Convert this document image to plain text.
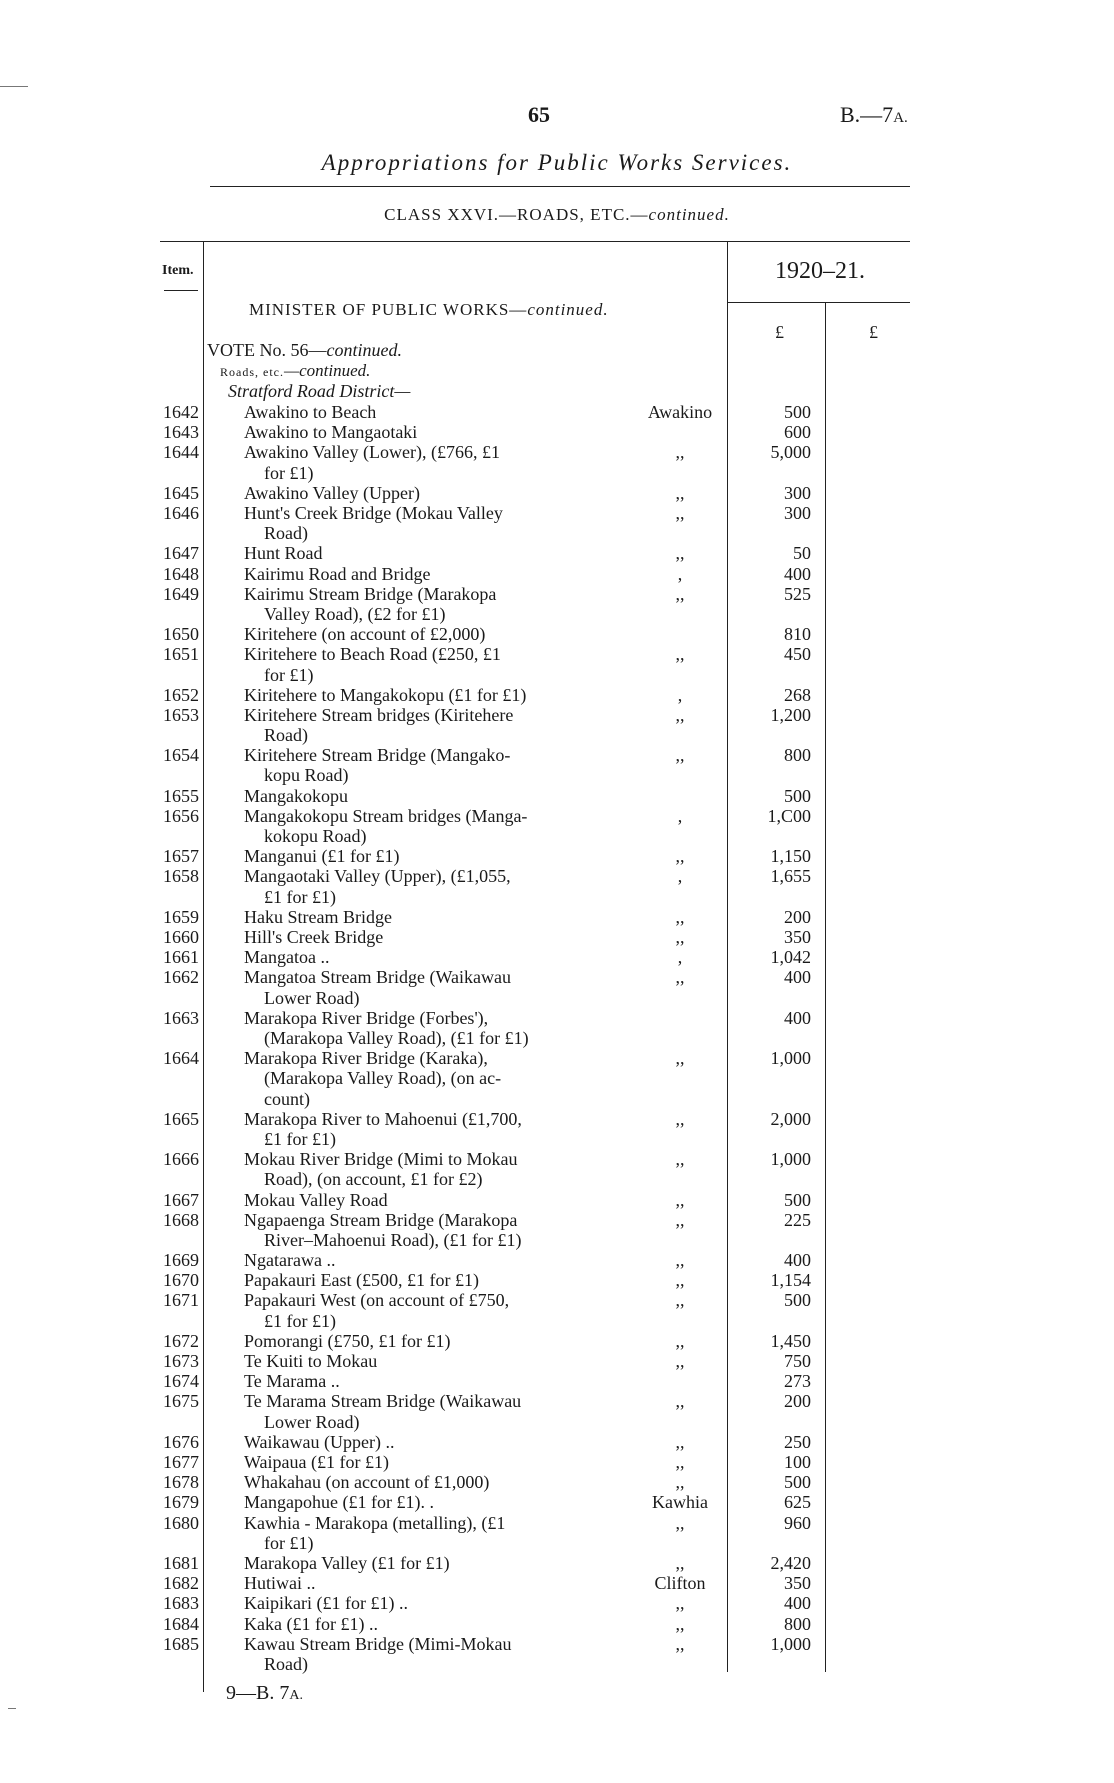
65	B.—7A.
Appropriations for Public Works Services.
CLASS XXVI.—ROADS, ETC.—continued.
Item.	1920–21.
£	£
MINISTER OF PUBLIC WORKS—continued.
VOTE No. 56—continued.
Roads, etc.—continued.
Stratford Road District—
1642	Awakino to Beach	Awakino	500
1643	Awakino to Mangaotaki	600
1644	Awakino Valley (Lower), (£766, £1
for £1)
,,	5,000
1645	Awakino Valley (Upper)	,,	300
1646	Hunt's Creek Bridge (Mokau Valley
Road)
,,	300
1647	Hunt Road	,,	50
1648	Kairimu Road and Bridge	,	400
1649	Kairimu Stream Bridge (Marakopa
Valley Road), (£2 for £1)
,,	525
1650	Kiritehere (on account of £2,000)	810
1651	Kiritehere to Beach Road (£250, £1
for £1)
,,	450
1652	Kiritehere to Mangakokopu (£1 for £1)	,	268
1653	Kiritehere Stream bridges (Kiritehere
Road)
,,	1,200
1654	Kiritehere Stream Bridge (Mangako-
kopu Road)
,,	800
1655	Mangakokopu	500
1656	Mangakokopu Stream bridges (Manga-
kokopu Road)
,	1,C00
1657	Manganui (£1 for £1)	,,	1,150
1658	Mangaotaki Valley (Upper), (£1,055,
£1 for £1)
,	1,655
1659	Haku Stream Bridge	,,	200
1660	Hill's Creek Bridge	,,	350
1661	Mangatoa ..	,	1,042
1662	Mangatoa Stream Bridge (Waikawau
Lower Road)
,,	400
1663	Marakopa River Bridge (Forbes'),
(Marakopa Valley Road), (£1 for £1)
400
1664	Marakopa River Bridge (Karaka),
(Marakopa Valley Road), (on ac-
count)
,,	1,000
1665	Marakopa River to Mahoenui (£1,700,
£1 for £1)
,,	2,000
1666	Mokau River Bridge (Mimi to Mokau
Road), (on account, £1 for £2)
,,	1,000
1667	Mokau Valley Road	,,	500
1668	Ngapaenga Stream Bridge (Marakopa
River–Mahoenui Road), (£1 for £1)
,,	225
1669	Ngatarawa ..	,,	400
1670	Papakauri East (£500, £1 for £1)	,,	1,154
1671	Papakauri West (on account of £750,
£1 for £1)
,,	500
1672	Pomorangi (£750, £1 for £1)	,,	1,450
1673	Te Kuiti to Mokau	,,	750
1674	Te Marama ..	273
1675	Te Marama Stream Bridge (Waikawau
Lower Road)
,,	200
1676	Waikawau (Upper) ..	,,	250
1677	Waipaua (£1 for £1)	,,	100
1678	Whakahau (on account of £1,000)	,,	500
1679	Mangapohue (£1 for £1). .	Kawhia	625
1680	Kawhia - Marakopa (metalling), (£1
for £1)
,,	960
1681	Marakopa Valley (£1 for £1)	,,	2,420
1682	Hutiwai ..	Clifton	350
1683	Kaipikari (£1 for £1) ..	,,	400
1684	Kaka (£1 for £1) ..	,,	800
1685	Kawau Stream Bridge (Mimi-Mokau
Road)
,,	1,000
9—B. 7A.
